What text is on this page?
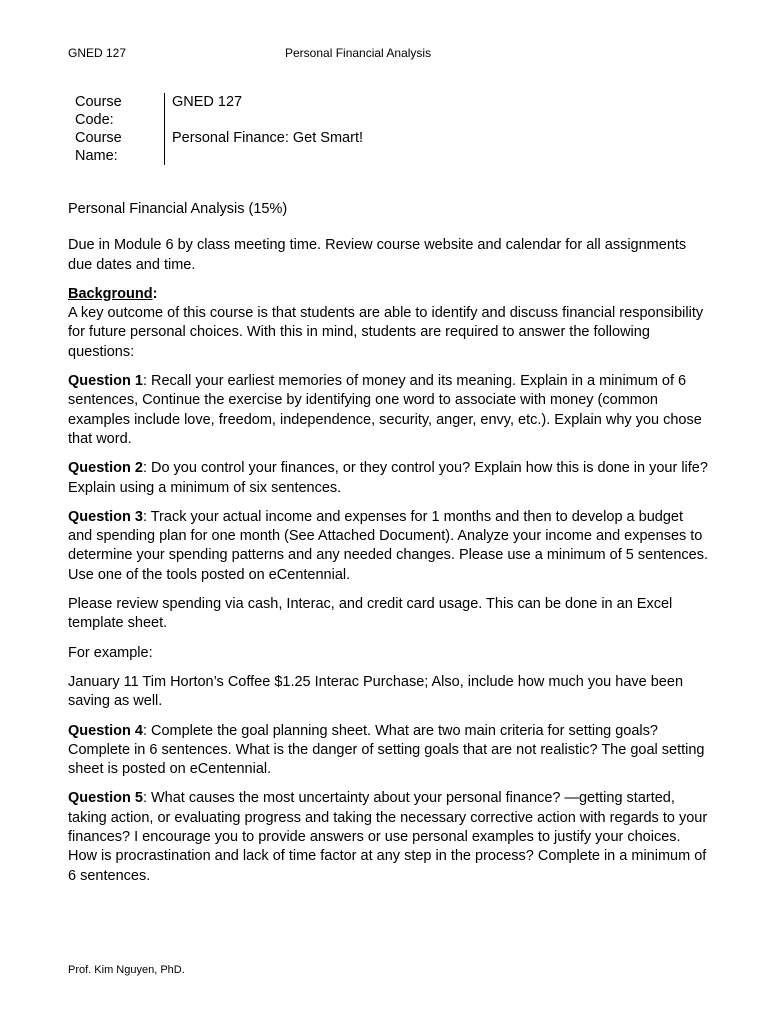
GNED 127	Personal Financial Analysis
Course
Code:	GNED 127

Course
Name:	Personal Finance: Get Smart!

Personal Financial Analysis (15%)

Due in Module 6 by class meeting time. Review course website and calendar for all assignments due dates and time.

Background:
A key outcome of this course is that students are able to identify and discuss financial responsibility for future personal choices. With this in mind, students are required to answer the following questions:

Question 1: Recall your earliest memories of money and its meaning. Explain in a minimum of 6 sentences, Continue the exercise by identifying one word to associate with money (common examples include love, freedom, independence, security, anger, envy, etc.). Explain why you chose that word.

Question 2: Do you control your finances, or they control you? Explain how this is done in your life? Explain using a minimum of six sentences.

Question 3: Track your actual income and expenses for 1 months and then to develop a budget and spending plan for one month (See Attached Document). Analyze your income and expenses to determine your spending patterns and any needed changes. Please use a minimum of 5 sentences. Use one of the tools posted on eCentennial.

Please review spending via cash, Interac, and credit card usage. This can be done in an Excel template sheet.

For example:

January 11 Tim Horton’s Coffee $1.25 Interac Purchase; Also, include how much you have been saving as well.

Question 4: Complete the goal planning sheet. What are two main criteria for setting goals? Complete in 6 sentences. What is the danger of setting goals that are not realistic? The goal setting sheet is posted on eCentennial.

Question 5: What causes the most uncertainty about your personal finance? —getting started, taking action, or evaluating progress and taking the necessary corrective action with regards to your finances? I encourage you to provide answers or use personal examples to justify your choices. How is procrastination and lack of time factor at any step in the process? Complete in a minimum of 6 sentences.

Prof. Kim Nguyen, PhD.
